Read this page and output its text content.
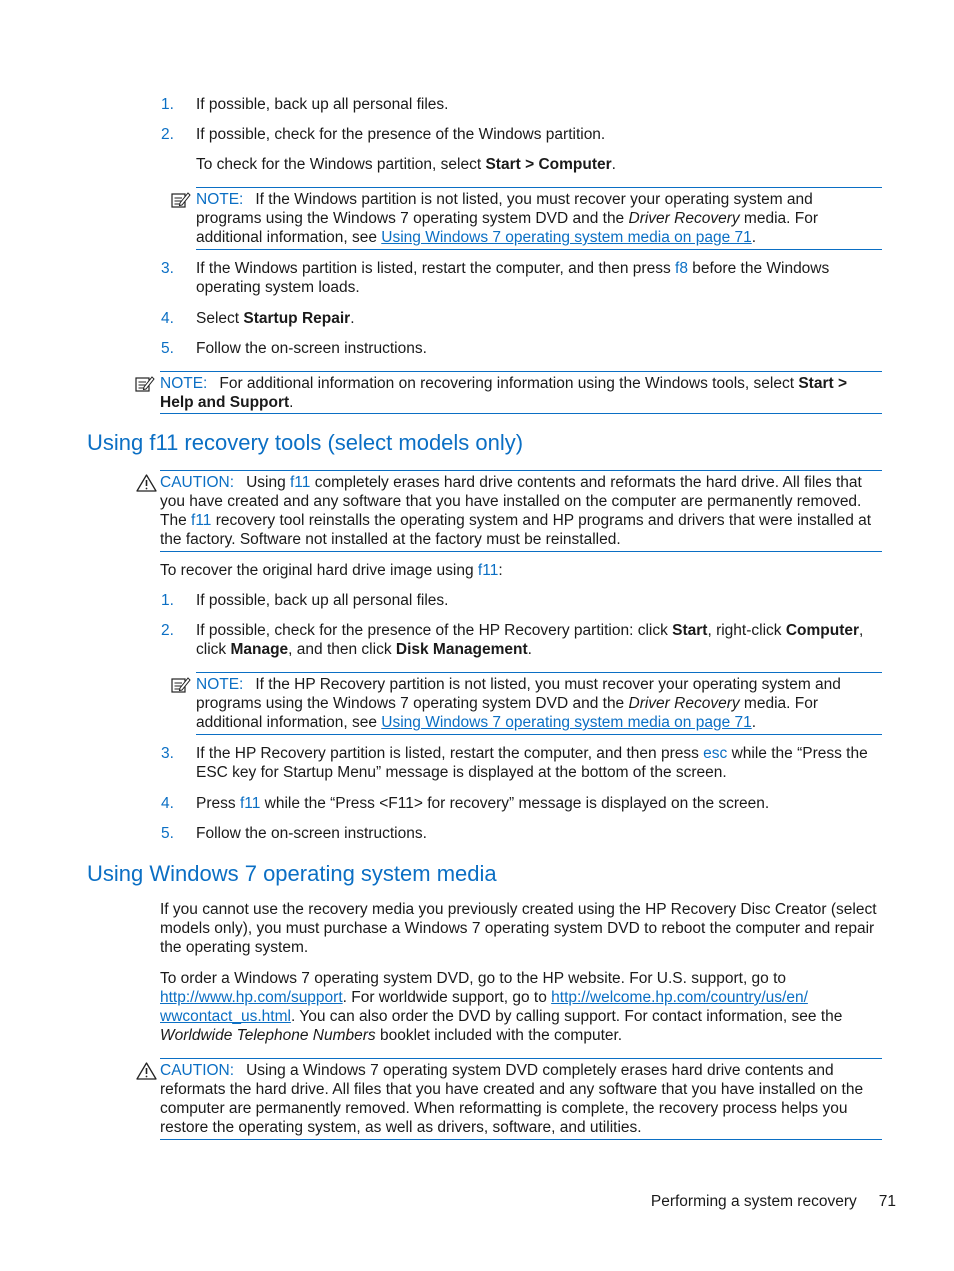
1. If possible, back up all personal files.
2. If possible, check for the presence of the Windows partition.
To check for the Windows partition, select Start > Computer.
NOTE: If the Windows partition is not listed, you must recover your operating system and programs using the Windows 7 operating system DVD and the Driver Recovery media. For additional information, see Using Windows 7 operating system media on page 71.
3. If the Windows partition is listed, restart the computer, and then press f8 before the Windows operating system loads.
4. Select Startup Repair.
5. Follow the on-screen instructions.
NOTE: For additional information on recovering information using the Windows tools, select Start > Help and Support.
Using f11 recovery tools (select models only)
CAUTION: Using f11 completely erases hard drive contents and reformats the hard drive. All files that you have created and any software that you have installed on the computer are permanently removed. The f11 recovery tool reinstalls the operating system and HP programs and drivers that were installed at the factory. Software not installed at the factory must be reinstalled.
To recover the original hard drive image using f11:
1. If possible, back up all personal files.
2. If possible, check for the presence of the HP Recovery partition: click Start, right-click Computer, click Manage, and then click Disk Management.
NOTE: If the HP Recovery partition is not listed, you must recover your operating system and programs using the Windows 7 operating system DVD and the Driver Recovery media. For additional information, see Using Windows 7 operating system media on page 71.
3. If the HP Recovery partition is listed, restart the computer, and then press esc while the “Press the ESC key for Startup Menu” message is displayed at the bottom of the screen.
4. Press f11 while the “Press <F11> for recovery” message is displayed on the screen.
5. Follow the on-screen instructions.
Using Windows 7 operating system media
If you cannot use the recovery media you previously created using the HP Recovery Disc Creator (select models only), you must purchase a Windows 7 operating system DVD to reboot the computer and repair the operating system.
To order a Windows 7 operating system DVD, go to the HP website. For U.S. support, go to http://www.hp.com/support. For worldwide support, go to http://welcome.hp.com/country/us/en/
wwcontact_us.html. You can also order the DVD by calling support. For contact information, see the Worldwide Telephone Numbers booklet included with the computer.
CAUTION: Using a Windows 7 operating system DVD completely erases hard drive contents and reformats the hard drive. All files that you have created and any software that you have installed on the computer are permanently removed. When reformatting is complete, the recovery process helps you restore the operating system, as well as drivers, software, and utilities.
Performing a system recovery 71
